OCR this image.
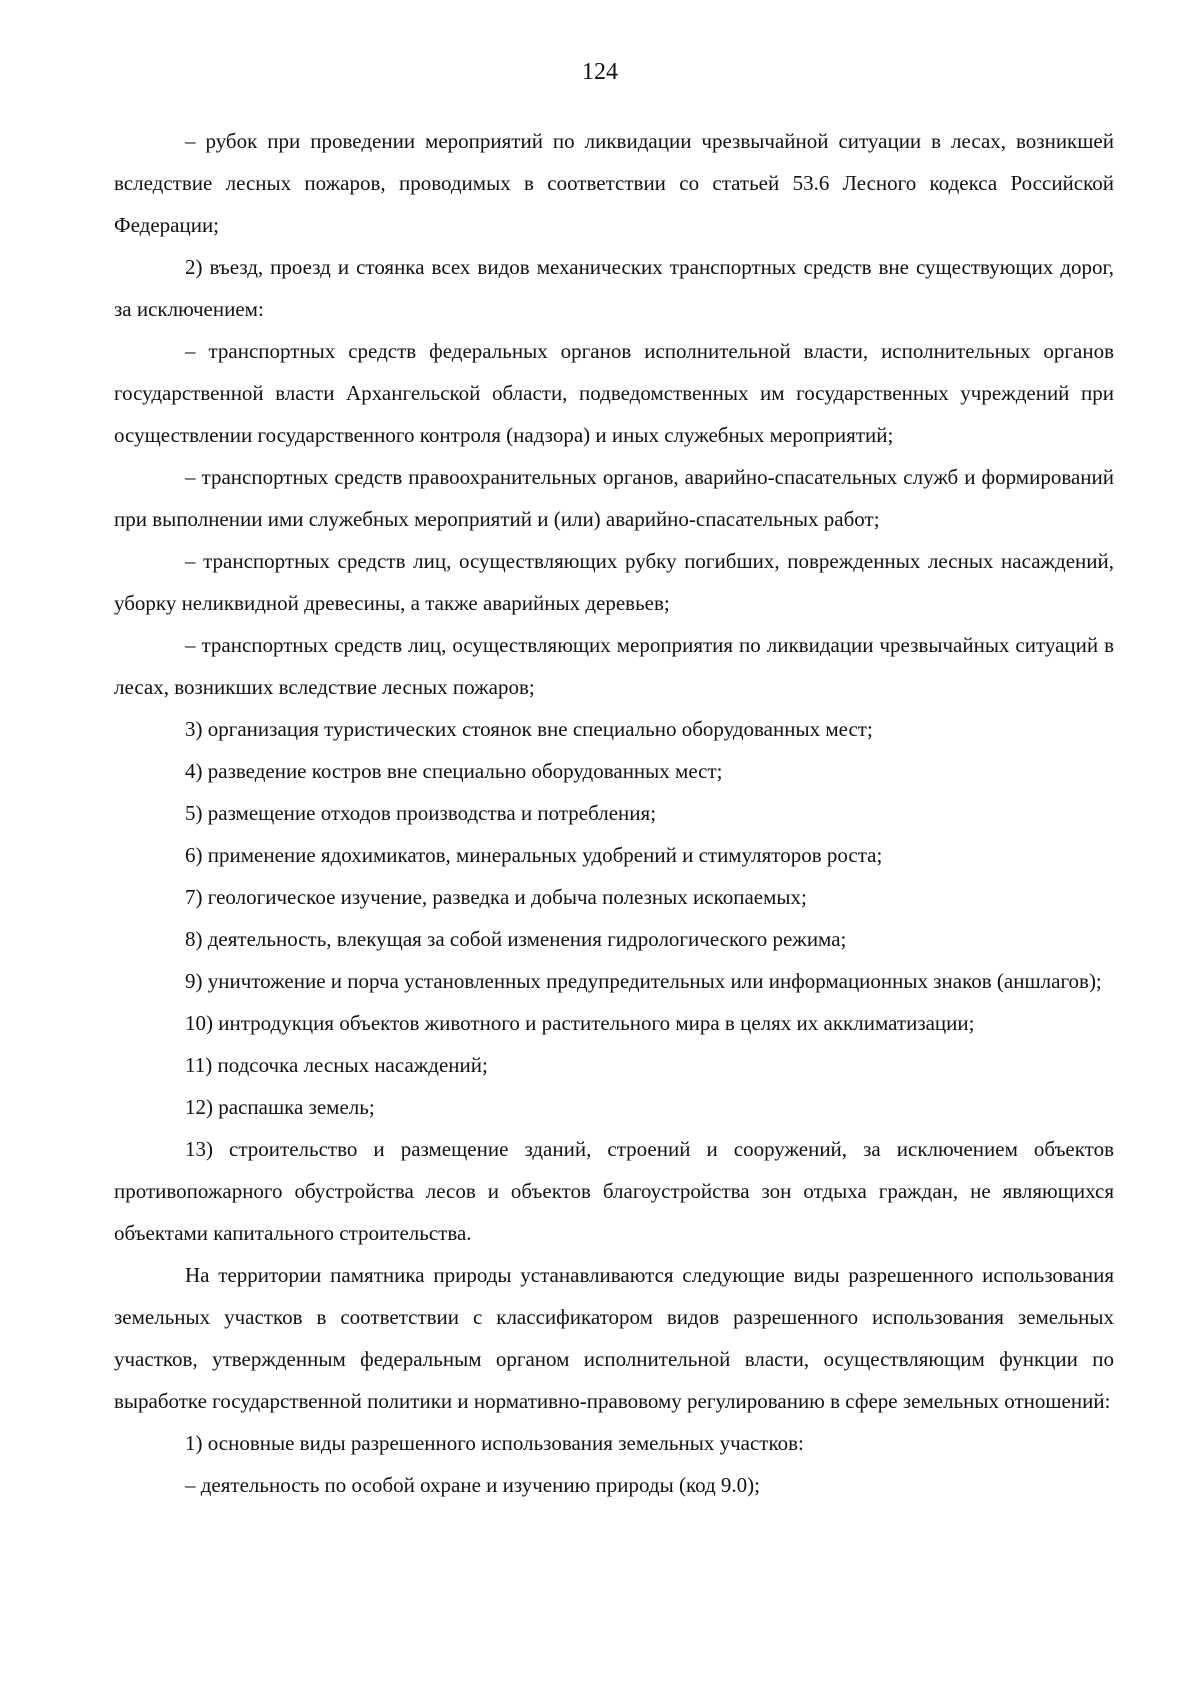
124

– рубок при проведении мероприятий по ликвидации чрезвычайной ситуации в лесах, возникшей вследствие лесных пожаров, проводимых в соответствии со статьей 53.6 Лесного кодекса Российской Федерации;

2) въезд, проезд и стоянка всех видов механических транспортных средств вне существующих дорог, за исключением:

– транспортных средств федеральных органов исполнительной власти, исполнительных органов государственной власти Архангельской области, подведомственных им государственных учреждений при осуществлении государственного контроля (надзора) и иных служебных мероприятий;

– транспортных средств правоохранительных органов, аварийно-спасательных служб и формирований при выполнении ими служебных мероприятий и (или) аварийно-спасательных работ;

– транспортных средств лиц, осуществляющих рубку погибших, поврежденных лесных насаждений, уборку неликвидной древесины, а также аварийных деревьев;

– транспортных средств лиц, осуществляющих мероприятия по ликвидации чрезвычайных ситуаций в лесах, возникших вследствие лесных пожаров;

3) организация туристических стоянок вне специально оборудованных мест;

4) разведение костров вне специально оборудованных мест;

5) размещение отходов производства и потребления;

6) применение ядохимикатов, минеральных удобрений и стимуляторов роста;

7) геологическое изучение, разведка и добыча полезных ископаемых;

8) деятельность, влекущая за собой изменения гидрологического режима;

9) уничтожение и порча установленных предупредительных или информационных знаков (аншлагов);

10) интродукция объектов животного и растительного мира в целях их акклиматизации;

11) подсочка лесных насаждений;

12) распашка земель;

13) строительство и размещение зданий, строений и сооружений, за исключением объектов противопожарного обустройства лесов и объектов благоустройства зон отдыха граждан, не являющихся объектами капитального строительства.

На территории памятника природы устанавливаются следующие виды разрешенного использования земельных участков в соответствии с классификатором видов разрешенного использования земельных участков, утвержденным федеральным органом исполнительной власти, осуществляющим функции по выработке государственной политики и нормативно-правовому регулированию в сфере земельных отношений:

1) основные виды разрешенного использования земельных участков:

– деятельность по особой охране и изучению природы (код 9.0);
